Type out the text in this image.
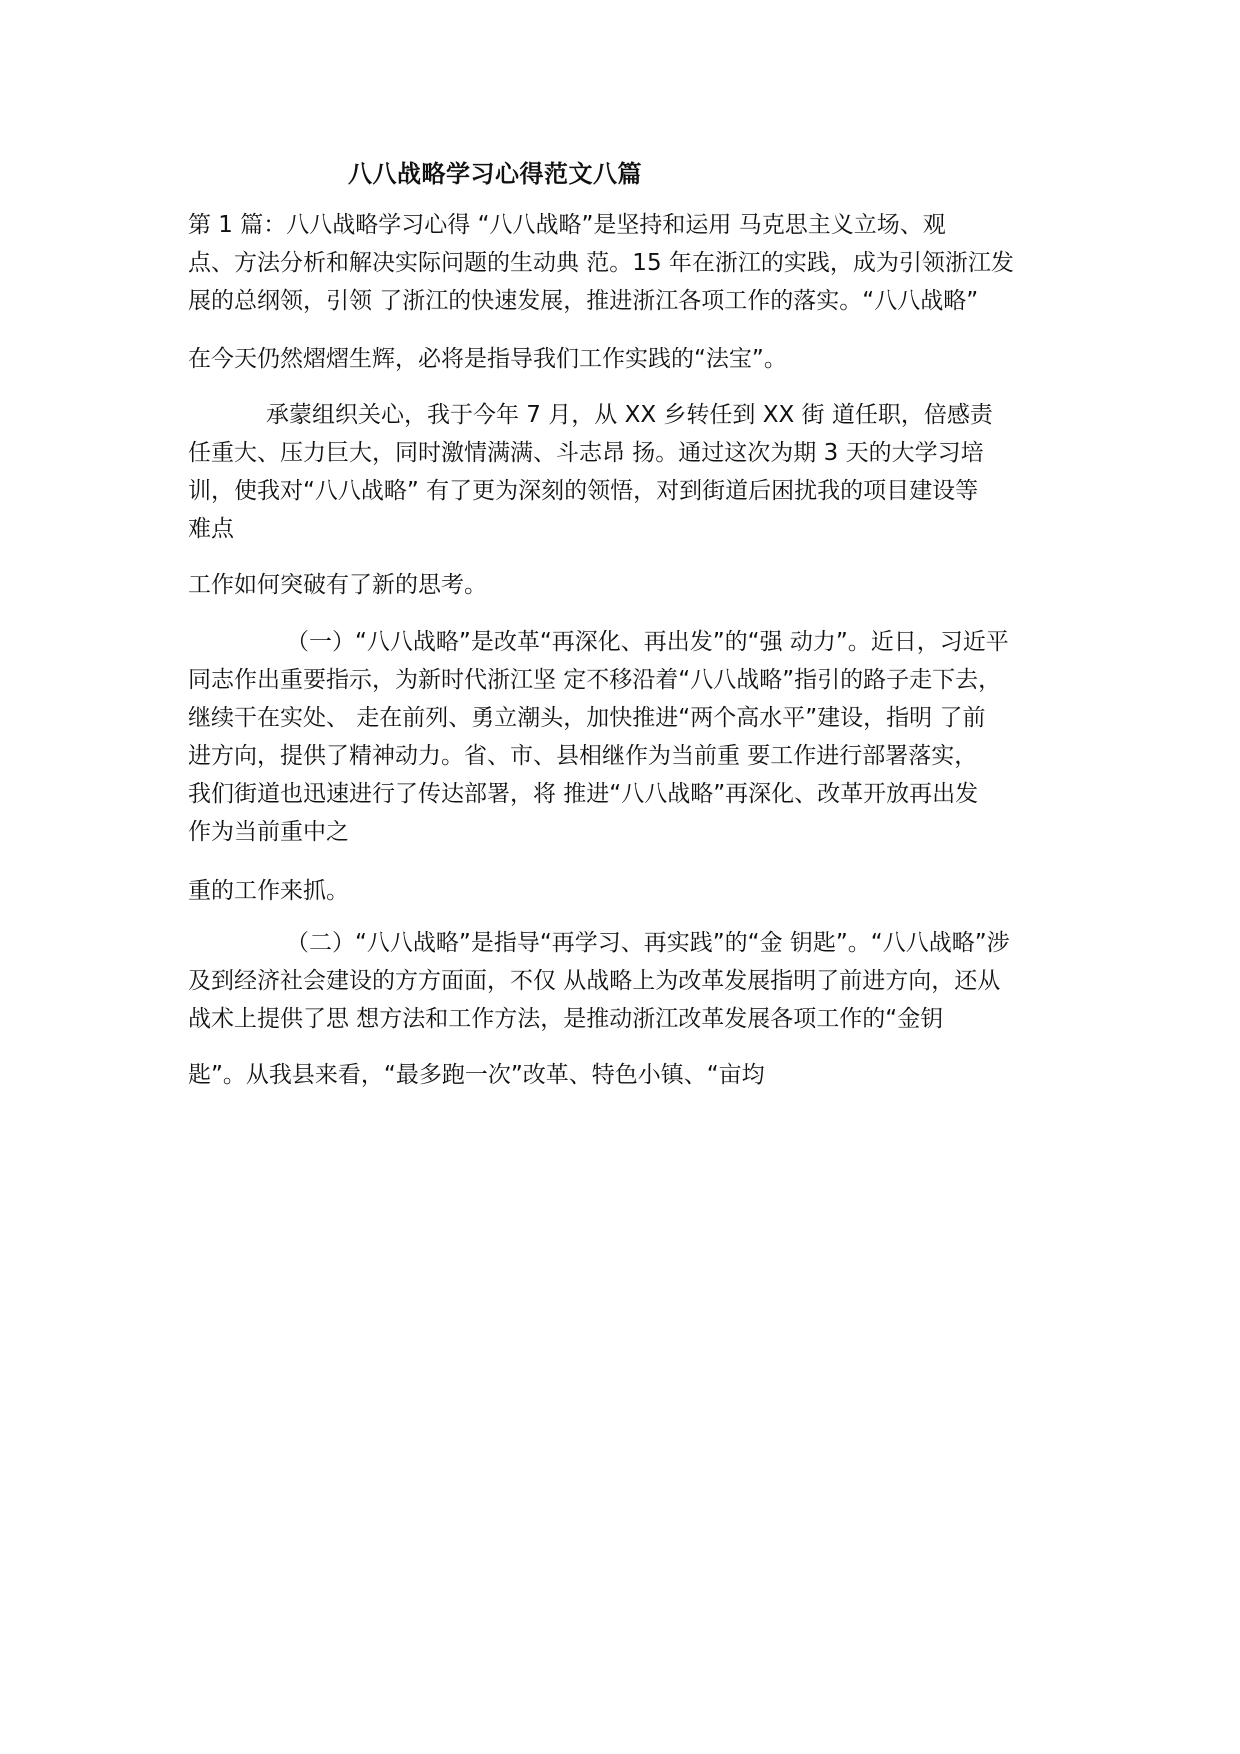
八八战略学习心得范文八篇

第 1 篇：八八战略学习心得 “八八战略”是坚持和运用 马克思主义立场、观

点、方法分析和解决实际问题的生动典 范。15 年在浙江的实践，成为引领浙江发

展的总纲领，引领 了浙江的快速发展，推进浙江各项工作的落实。“八八战略”

在今天仍然熠熠生辉，必将是指导我们工作实践的“法宝”。

承蒙组织关心，我于今年 7 月，从 XX 乡转任到 XX 街 道任职，倍感责

任重大、压力巨大，同时激情满满、斗志昂 扬。通过这次为期 3 天的大学习培

训，使我对“八八战略” 有了更为深刻的领悟，对到街道后困扰我的项目建设等

难点

工作如何突破有了新的思考。

（一）“八八战略”是改革“再深化、再出发”的“强 动力”。近日，习近平

同志作出重要指示，为新时代浙江坚 定不移沿着“八八战略”指引的路子走下去，

继续干在实处、 走在前列、勇立潮头，加快推进“两个高水平”建设，指明 了前

进方向，提供了精神动力。省、市、县相继作为当前重 要工作进行部署落实，

我们街道也迅速进行了传达部署，将 推进“八八战略”再深化、改革开放再出发

作为当前重中之

重的工作来抓。

（二）“八八战略”是指导“再学习、再实践”的“金 钥匙”。“八八战略”涉

及到经济社会建设的方方面面，不仅 从战略上为改革发展指明了前进方向，还从

战术上提供了思 想方法和工作方法，是推动浙江改革发展各项工作的“金钥

匙”。从我县来看，“最多跑一次”改革、特色小镇、“亩均
